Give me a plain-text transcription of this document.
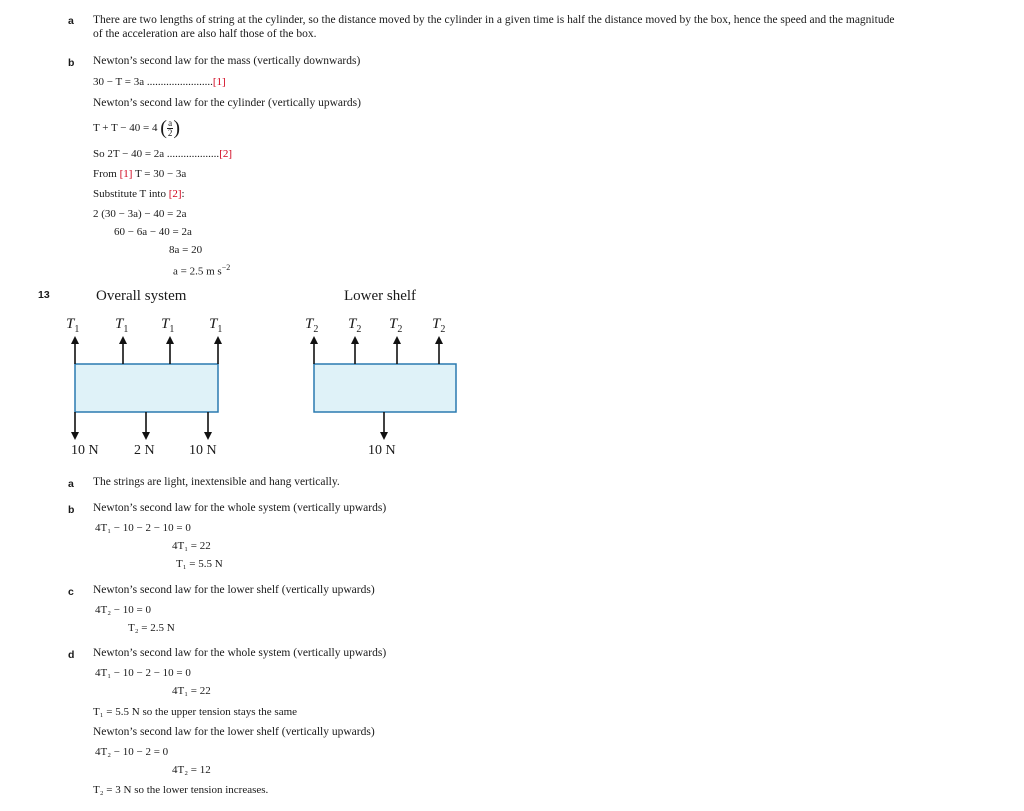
a There are two lengths of string at the cylinder, so the distance moved by the cylinder in a given time is half the distance moved by the box, hence the speed and the magnitude
of the acceleration are also half those of the box.
b Newton’s second law for the mass (vertically downwards)
30 − T = 3a ........................[1]
Newton’s second law for the cylinder (vertically upwards)
T + T − 40 = 4 ( $\frac{a}{2}$ )
So 2T − 40 = 2a ...................[2]
From [1] T = 30 − 3a
Substitute T into [2]:
2 (30 − 3a) − 40 = 2a
60 − 6a − 40 = 2a
8a = 20
a = 2.5 m $s^{-2}$
13	Overall system	Lower shelf
$T_1$ $T_1$ $T_1$ $T_1$	$T_2$ $T_2$ $T_2$ $T_2$
10 N	2 N 10 N	10 N
a The strings are light, inextensible and hang vertically.
b Newton’s second law for the whole system (vertically upwards)
4T₁ − 10 − 2 − 10 = 0
4T₁ = 22
T₁ = 5.5 N
c Newton’s second law for the lower shelf (vertically upwards)
4T₂ − 10 = 0
T₂ = 2.5 N
d Newton’s second law for the whole system (vertically upwards)
4T₁ − 10 − 2 − 10 = 0
4T₁ = 22
T₁ = 5.5 N so the upper tension stays the same
Newton’s second law for the lower shelf (vertically upwards)
4T₂ − 10 − 2 = 0
4T₂ = 12
T₂ = 3 N so the lower tension increases.
